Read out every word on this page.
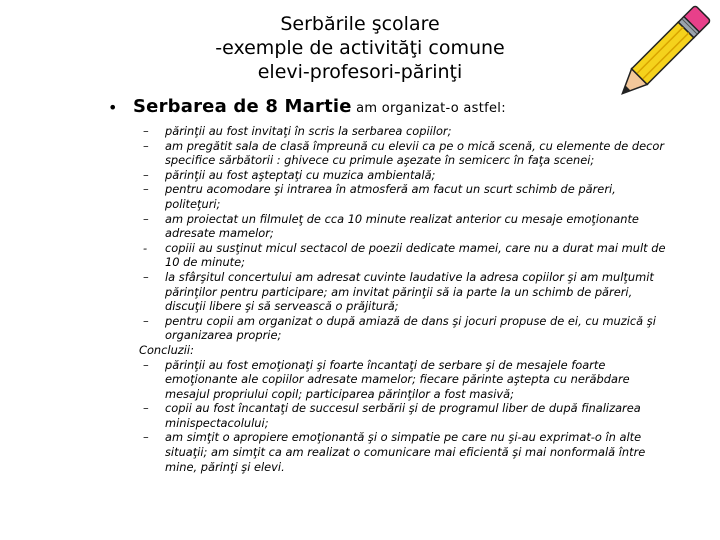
Serbările şcolare
-exemple de activităţi comune
elevi-profesori-părinţi
• Serbarea de 8 Martie am organizat-o astfel:
– părinţii au fost invitaţi în scris la serbarea copiilor;
– am pregătit sala de clasă împreună cu elevii ca pe o mică scenă, cu elemente de decor specifice sărbătorii : ghivece cu primule aşezate în semicerc în faţa scenei;
– părinţii au fost aşteptaţi cu muzica ambientală;
– pentru acomodare şi intrarea în atmosferă am facut un scurt schimb de păreri, politeţuri;
– am proiectat un filmuleţ de cca 10 minute realizat anterior cu mesaje emoţionante adresate mamelor;
- copiii au susţinut micul sectacol de poezii dedicate mamei, care nu a durat mai mult de 10 de minute;
– la sfârşitul concertului am adresat cuvinte laudative la adresa copiilor şi am mulţumit părinţilor pentru participare; am invitat părinţii să ia parte la un schimb de păreri, discuţii libere şi să servească o prăjitură;
– pentru copii am organizat o după amiază de dans şi jocuri propuse de ei, cu muzică şi organizarea proprie;
Concluzii:
– părinţii au fost emoţionaţi şi foarte încantaţi de serbare şi de mesajele foarte emoţionante ale copiilor adresate mamelor; fiecare părinte aştepta cu nerăbdare mesajul propriului copil; participarea părinţilor a fost masivă;
– copii au fost încantaţi de succesul serbării şi de programul liber de după finalizarea minispectacolului;
– am simţit o apropiere emoţionantă şi o simpatie pe care nu şi-au exprimat-o în alte situaţii; am simţit ca am realizat o comunicare mai eficientă şi mai nonformală între mine, părinţi şi elevi.
